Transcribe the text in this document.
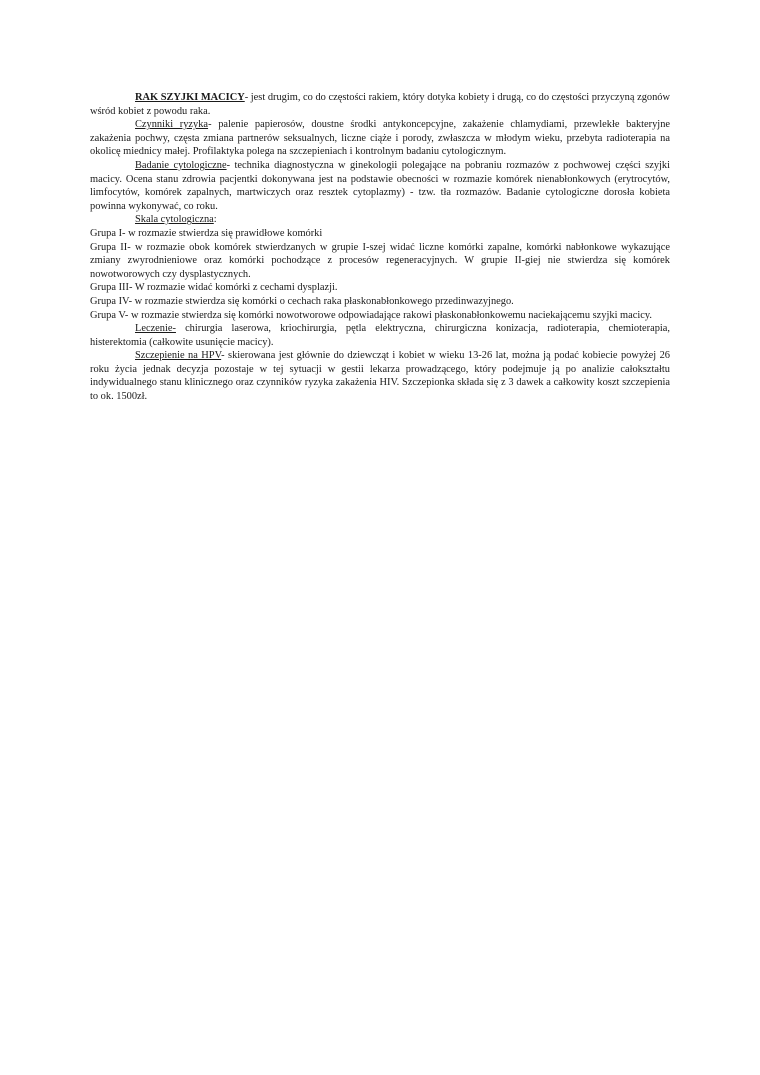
RAK SZYJKI MACICY- jest drugim, co do częstości rakiem, który dotyka kobiety i drugą, co do częstości przyczyną zgonów wśród kobiet z powodu raka.

Czynniki ryzyka- palenie papierosów, doustne środki antykoncepcyjne, zakażenie chlamydiami, przewlekłe bakteryjne zakażenia pochwy, częsta zmiana partnerów seksualnych, liczne ciąże i porody, zwłaszcza w młodym wieku, przebyta radioterapia na okolicę miednicy małej. Profilaktyka polega na szczepieniach i kontrolnym badaniu cytologicznym.

Badanie cytologiczne- technika diagnostyczna w ginekologii polegające na pobraniu rozmazów z pochwowej części szyjki macicy. Ocena stanu zdrowia pacjentki dokonywana jest na podstawie obecności w rozmazie komórek nienabłonkowych (erytrocytów, limfocytów, komórek zapalnych, martwiczych oraz resztek cytoplazmy) - tzw. tła rozmazów. Badanie cytologiczne dorosła kobieta powinna wykonywać, co roku.

Skala cytologiczna:

Grupa I- w rozmazie stwierdza się prawidłowe komórki

Grupa II- w rozmazie obok komórek stwierdzanych w grupie I-szej widać liczne komórki zapalne, komórki nabłonkowe wykazujące zmiany zwyrodnieniowe oraz komórki pochodzące z procesów regeneracyjnych. W grupie II-giej nie stwierdza się komórek nowotworowych czy dysplastycznych.

Grupa III- W rozmazie widać komórki z cechami dysplazji.

Grupa IV- w rozmazie stwierdza się komórki o cechach raka płaskonabłonkowego przedinwazyjnego.

Grupa V- w rozmazie stwierdza się komórki nowotworowe odpowiadające rakowi płaskonabłonkowemu naciekającemu szyjki macicy.

Leczenie- chirurgia laserowa, kriochirurgia, pętla elektryczna, chirurgiczna konizacja, radioterapia, chemioterapia, histerektomia (całkowite usunięcie macicy).

Szczepienie na HPV- skierowana jest głównie do dziewcząt i kobiet w wieku 13-26 lat, można ją podać kobiecie powyżej 26 roku życia jednak decyzja pozostaje w tej sytuacji w gestii lekarza prowadzącego, który podejmuje ją po analizie całokształtu indywidualnego stanu klinicznego oraz czynników ryzyka zakażenia HIV. Szczepionka składa się z 3 dawek a całkowity koszt szczepienia to ok. 1500zł.
